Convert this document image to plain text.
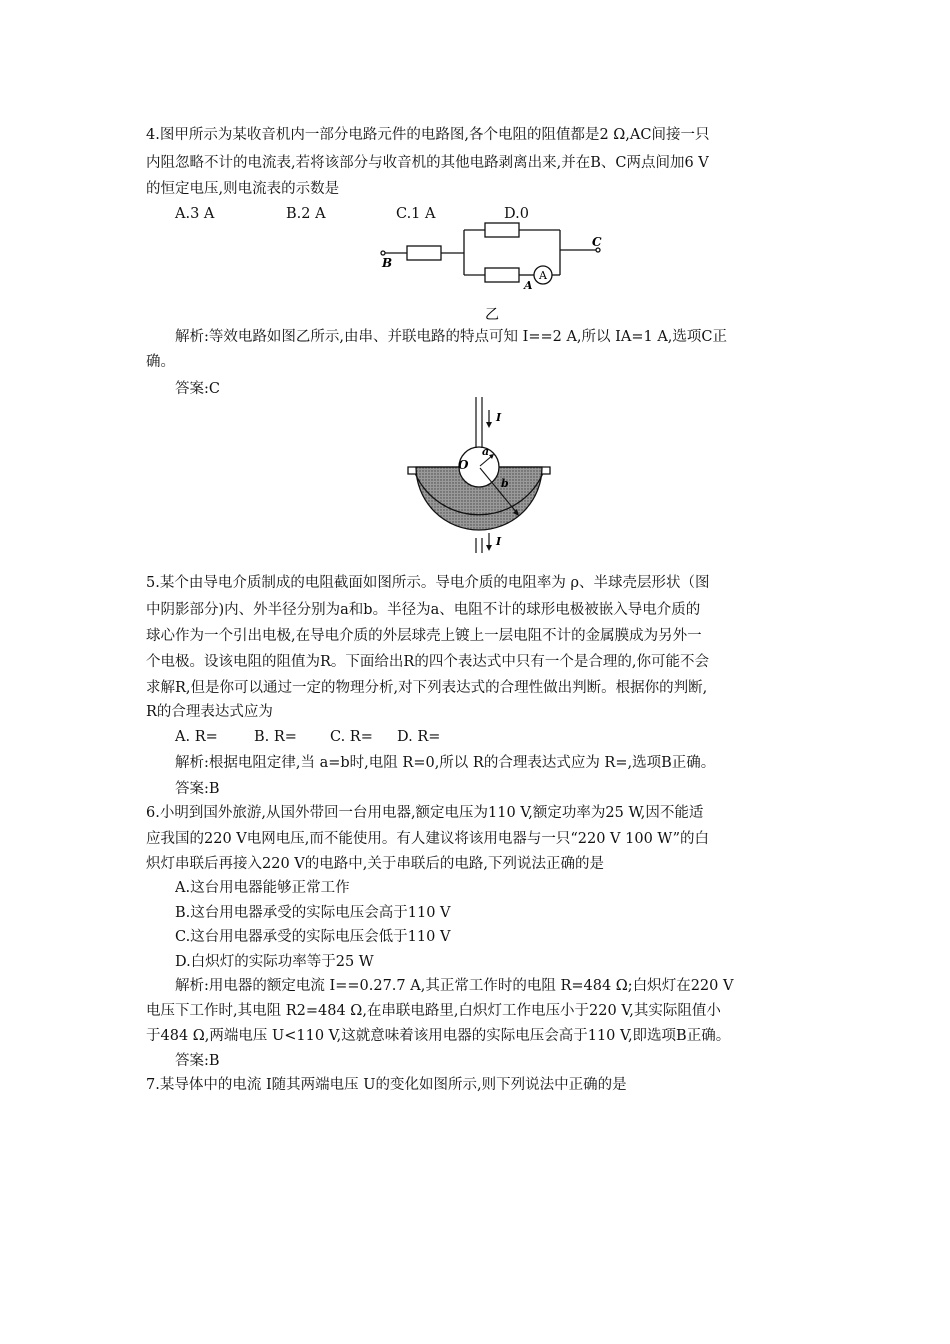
4.图甲所示为某收音机内一部分电路元件的电路图,各个电阻的阻值都是2 Ω,AC间接一只

内阻忽略不计的电流表,若将该部分与收音机的其他电路剥离出来,并在B、C两点间加6 V

的恒定电压,则电流表的示数是

A.3 A	B.2 A	C.1 A	D.0
B
C
A
A
乙

解析:等效电路如图乙所示,由串、并联电路的特点可知 I==2 A,所以 IA=1 A,选项C正

确。

答案:C

I
I
O
a
b

5.某个由导电介质制成的电阻截面如图所示。导电介质的电阻率为 ρ、半球壳层形状（图

中阴影部分)内、外半径分别为a和b。半径为a、电阻不计的球形电极被嵌入导电介质的

球心作为一个引出电极,在导电介质的外层球壳上镀上一层电阻不计的金属膜成为另外一

个电极。设该电阻的阻值为R。下面给出R的四个表达式中只有一个是合理的,你可能不会

求解R,但是你可以通过一定的物理分析,对下列表达式的合理性做出判断。根据你的判断,

R的合理表达式应为

A. R= B. R= C. R= D. R=

解析:根据电阻定律,当 a=b时,电阻 R=0,所以 R的合理表达式应为 R=,选项B正确。

答案:B

6.小明到国外旅游,从国外带回一台用电器,额定电压为110 V,额定功率为25 W,因不能适

应我国的220 V电网电压,而不能使用。有人建议将该用电器与一只“220 V 100 W”的白

炽灯串联后再接入220 V的电路中,关于串联后的电路,下列说法正确的是

A.这台用电器能够正常工作

B.这台用电器承受的实际电压会高于110 V

C.这台用电器承受的实际电压会低于110 V

D.白炽灯的实际功率等于25 W

解析:用电器的额定电流 I==0.27.7 A,其正常工作时的电阻 R=484 Ω;白炽灯在220 V

电压下工作时,其电阻 R2=484 Ω,在串联电路里,白炽灯工作电压小于220 V,其实际阻值小

于484 Ω,两端电压 U<110 V,这就意味着该用电器的实际电压会高于110 V,即选项B正确。

答案:B

7.某导体中的电流 I随其两端电压 U的变化如图所示,则下列说法中正确的是
